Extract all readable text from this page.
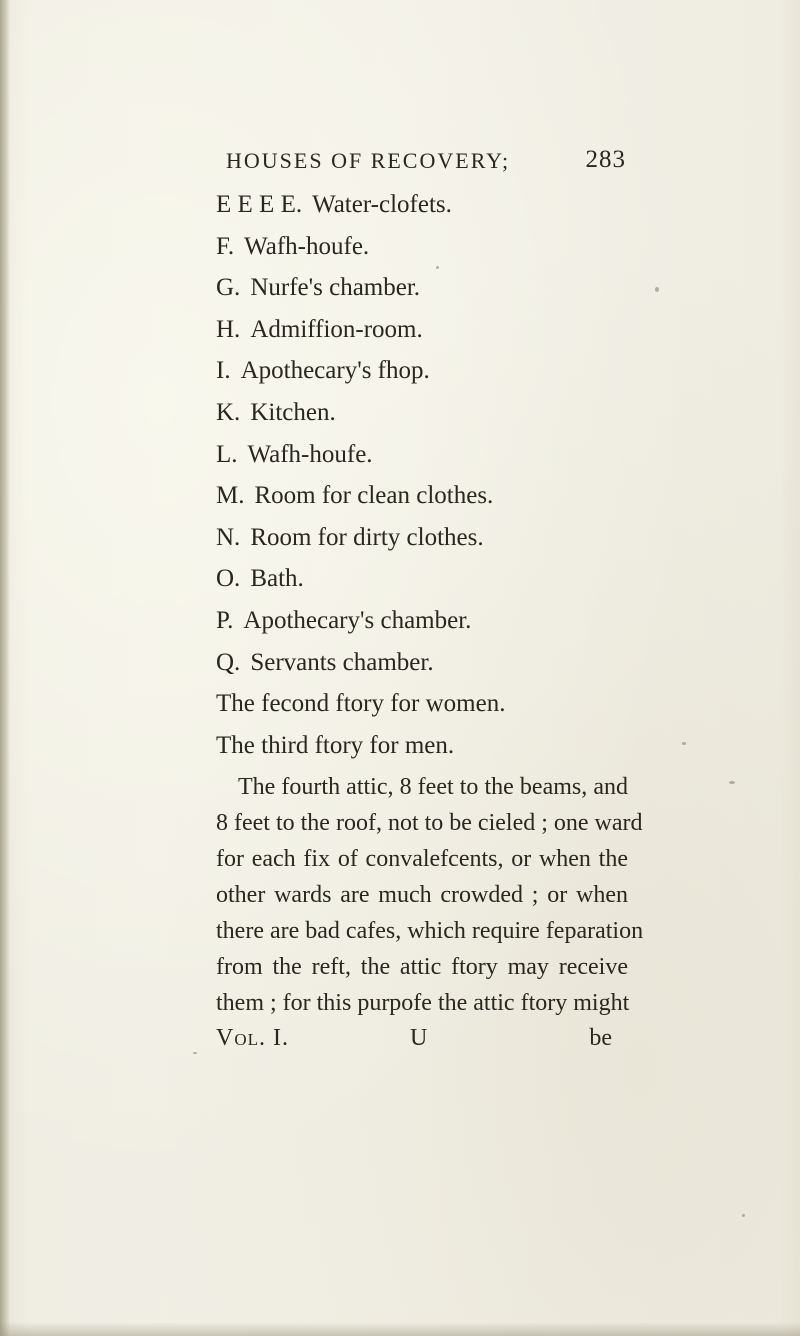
HOUSES OF RECOVERY;	283
E E E E. Water-clofets.
F. Wafh-houfe.
G. Nurfe's chamber.
H. Admiffion-room.
I. Apothecary's fhop.
K. Kitchen.
L. Wafh-houfe.
M. Room for clean clothes.
N. Room for dirty clothes.
O. Bath.
P. Apothecary's chamber.
Q. Servants chamber.
The fecond ftory for women.
The third ftory for men.

The fourth attic, 8 feet to the beams, and
8 feet to the roof, not to be cieled ; one ward
for each fix of convalefcents, or when the
other wards are much crowded ; or when
there are bad cafes, which require feparation
from the reft, the attic ftory may receive
them ; for this purpofe the attic ftory might

Vol. I.	U	be
